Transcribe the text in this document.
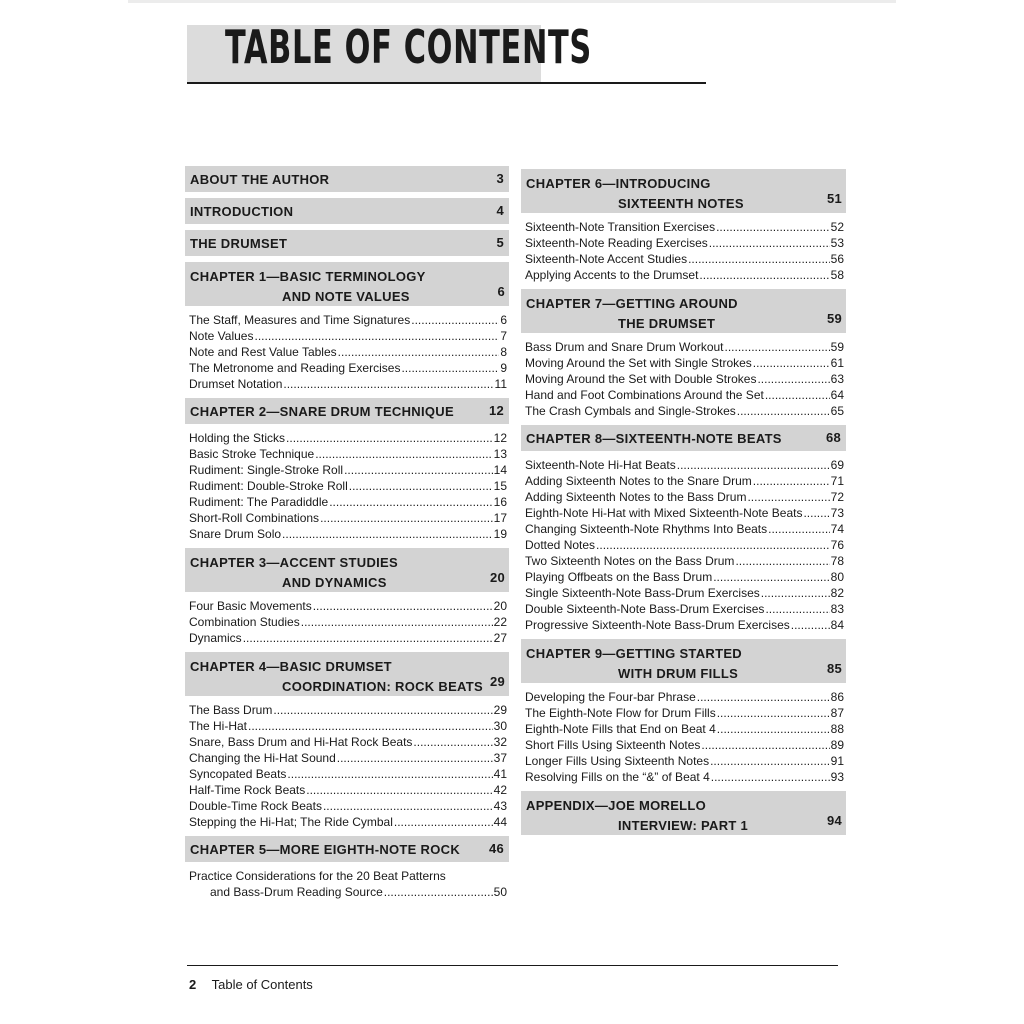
TABLE OF CONTENTS
ABOUT THE AUTHOR	3
INTRODUCTION	4
THE DRUMSET	5
CHAPTER 1—BASIC TERMINOLOGY
AND NOTE VALUES	6
The Staff, Measures and Time Signatures .....	6
Note Values .....	7
Note and Rest Value Tables .....	8
The Metronome and Reading Exercises .....	9
Drumset Notation .....	11
CHAPTER 2—SNARE DRUM TECHNIQUE	12
Holding the Sticks .....	12
Basic Stroke Technique .....	13
Rudiment: Single-Stroke Roll .....	14
Rudiment: Double-Stroke Roll .....	15
Rudiment: The Paradiddle .....	16
Short-Roll Combinations .....	17
Snare Drum Solo .....	19
CHAPTER 3—ACCENT STUDIES
AND DYNAMICS	20
Four Basic Movements .....	20
Combination Studies .....	22
Dynamics .....	27
CHAPTER 4—BASIC DRUMSET
COORDINATION: ROCK BEATS 29
The Bass Drum .....	29
The Hi-Hat .....	30
Snare, Bass Drum and Hi-Hat Rock Beats .....	32
Changing the Hi-Hat Sound .....	37
Syncopated Beats .....	41
Half-Time Rock Beats .....	42
Double-Time Rock Beats .....	43
Stepping the Hi-Hat; The Ride Cymbal .....	44
CHAPTER 5—MORE EIGHTH-NOTE ROCK 46
Practice Considerations for the 20 Beat Patterns
and Bass-Drum Reading Source .....	50
CHAPTER 6—INTRODUCING
SIXTEENTH NOTES	51
Sixteenth-Note Transition Exercises .....	52
Sixteenth-Note Reading Exercises .....	53
Sixteenth-Note Accent Studies .....	56
Applying Accents to the Drumset .....	58
CHAPTER 7—GETTING AROUND
THE DRUMSET	59
Bass Drum and Snare Drum Workout .....	59
Moving Around the Set with Single Strokes .....	61
Moving Around the Set with Double Strokes .....	63
Hand and Foot Combinations Around the Set .....	64
The Crash Cymbals and Single-Strokes .....	65
CHAPTER 8—SIXTEENTH-NOTE BEATS	68
Sixteenth-Note Hi-Hat Beats .....	69
Adding Sixteenth Notes to the Snare Drum .....	71
Adding Sixteenth Notes to the Bass Drum .....	72
Eighth-Note Hi-Hat with Mixed Sixteenth-Note Beats ..... 73
Changing Sixteenth-Note Rhythms Into Beats .....	74
Dotted Notes .....	76
Two Sixteenth Notes on the Bass Drum .....	78
Playing Offbeats on the Bass Drum .....	80
Single Sixteenth-Note Bass-Drum Exercises .....	82
Double Sixteenth-Note Bass-Drum Exercises .....	83
Progressive Sixteenth-Note Bass-Drum Exercises .....	84
CHAPTER 9—GETTING STARTED
WITH DRUM FILLS	85
Developing the Four-bar Phrase .....	86
The Eighth-Note Flow for Drum Fills .....	87
Eighth-Note Fills that End on Beat 4 .....	88
Short Fills Using Sixteenth Notes .....	89
Longer Fills Using Sixteenth Notes .....	91
Resolving Fills on the “&” of Beat 4 .....	93
APPENDIX—JOE MORELLO
INTERVIEW: PART 1	94
2 Table of Contents
